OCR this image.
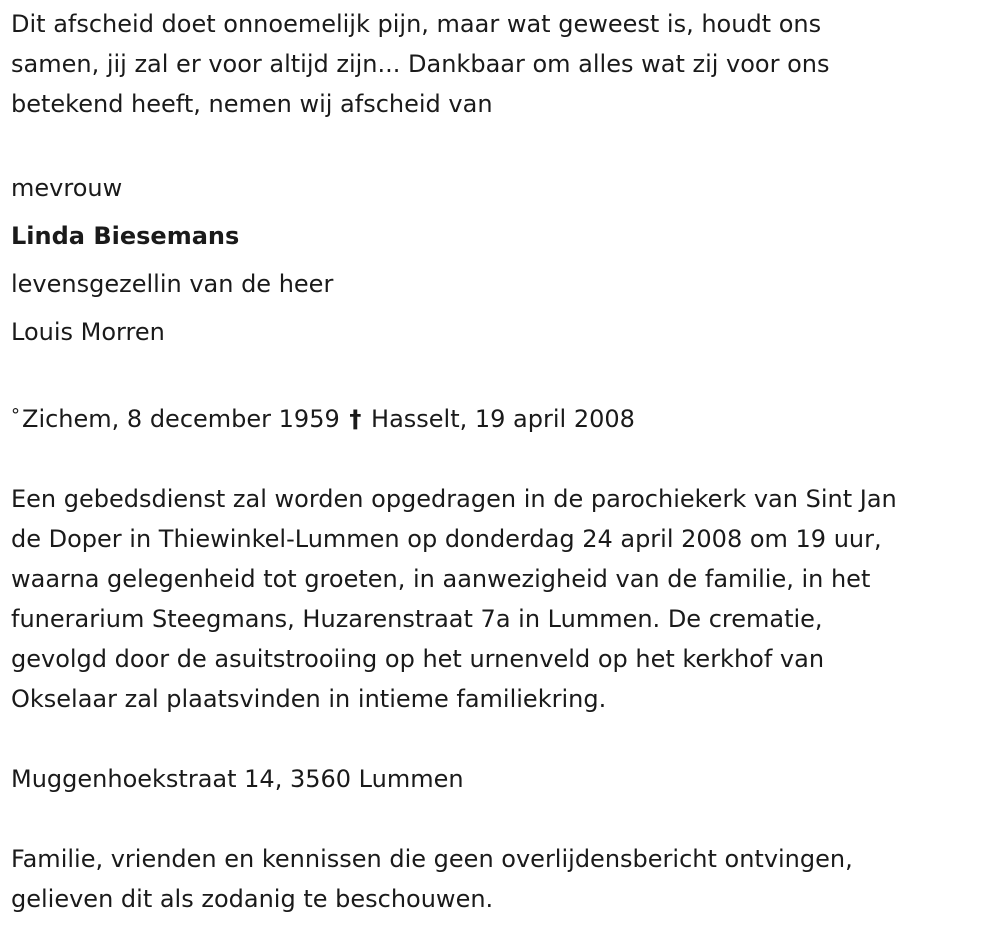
Dit afscheid doet onnoemelijk pijn, maar wat geweest is, houdt ons
samen, jij zal er voor altijd zijn... Dankbaar om alles wat zij voor ons
betekend heeft, nemen wij afscheid van

mevrouw
Linda Biesemans
levensgezellin van de heer
Louis Morren

°Zichem, 8 december 1959 † Hasselt, 19 april 2008

Een gebedsdienst zal worden opgedragen in de parochiekerk van Sint Jan
de Doper in Thiewinkel-Lummen op donderdag 24 april 2008 om 19 uur,
waarna gelegenheid tot groeten, in aanwezigheid van de familie, in het
funerarium Steegmans, Huzarenstraat 7a in Lummen. De crematie,
gevolgd door de asuitstrooiing op het urnenveld op het kerkhof van
Okselaar zal plaatsvinden in intieme familiekring.

Muggenhoekstraat 14, 3560 Lummen

Familie, vrienden en kennissen die geen overlijdensbericht ontvingen,
gelieven dit als zodanig te beschouwen.
